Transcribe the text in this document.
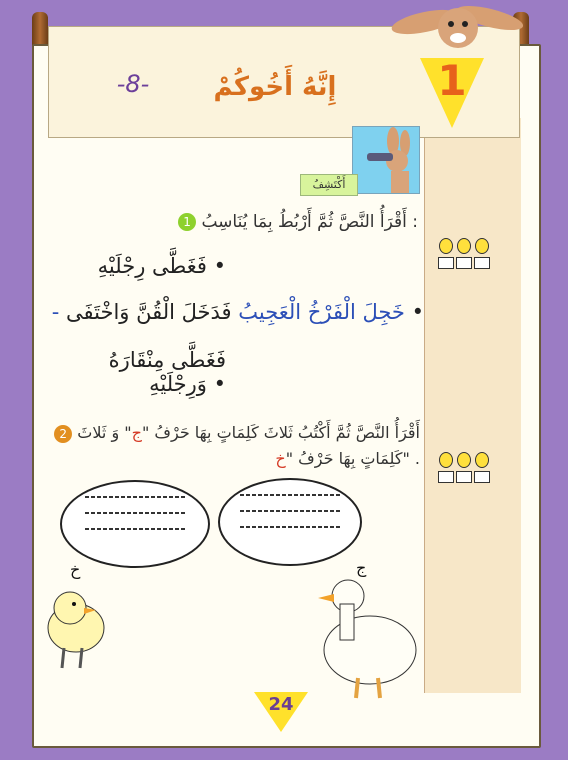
إِنَّهُ أَخُوكُمْ
-8-	1
أَكْتَشِفُ
1 أَقْرَأُ النَّصَّ ثُمَّ أَرْبُطُ بِمَا يُنَاسِبُ :
فَغَطَّى رِجْلَيْهِ •
- خَجِلَ الْفَرْخُ الْعَجِيبُ فَدَخَلَ الْقُنَّ وَاخْتَفَى	•
فَغَطَّى مِنْقَارَهُ وَرِجْلَيْهِ •
2	أَقْرَأُ النَّصَّ ثُمَّ أَكْتُبُ ثَلاثَ كَلِمَاتٍ بِهَا حَرْفُ "ج" وَ ثَلاثَ
كَلِمَاتٍ بِهَا حَرْفُ "خ	" .
خ	ج
24
